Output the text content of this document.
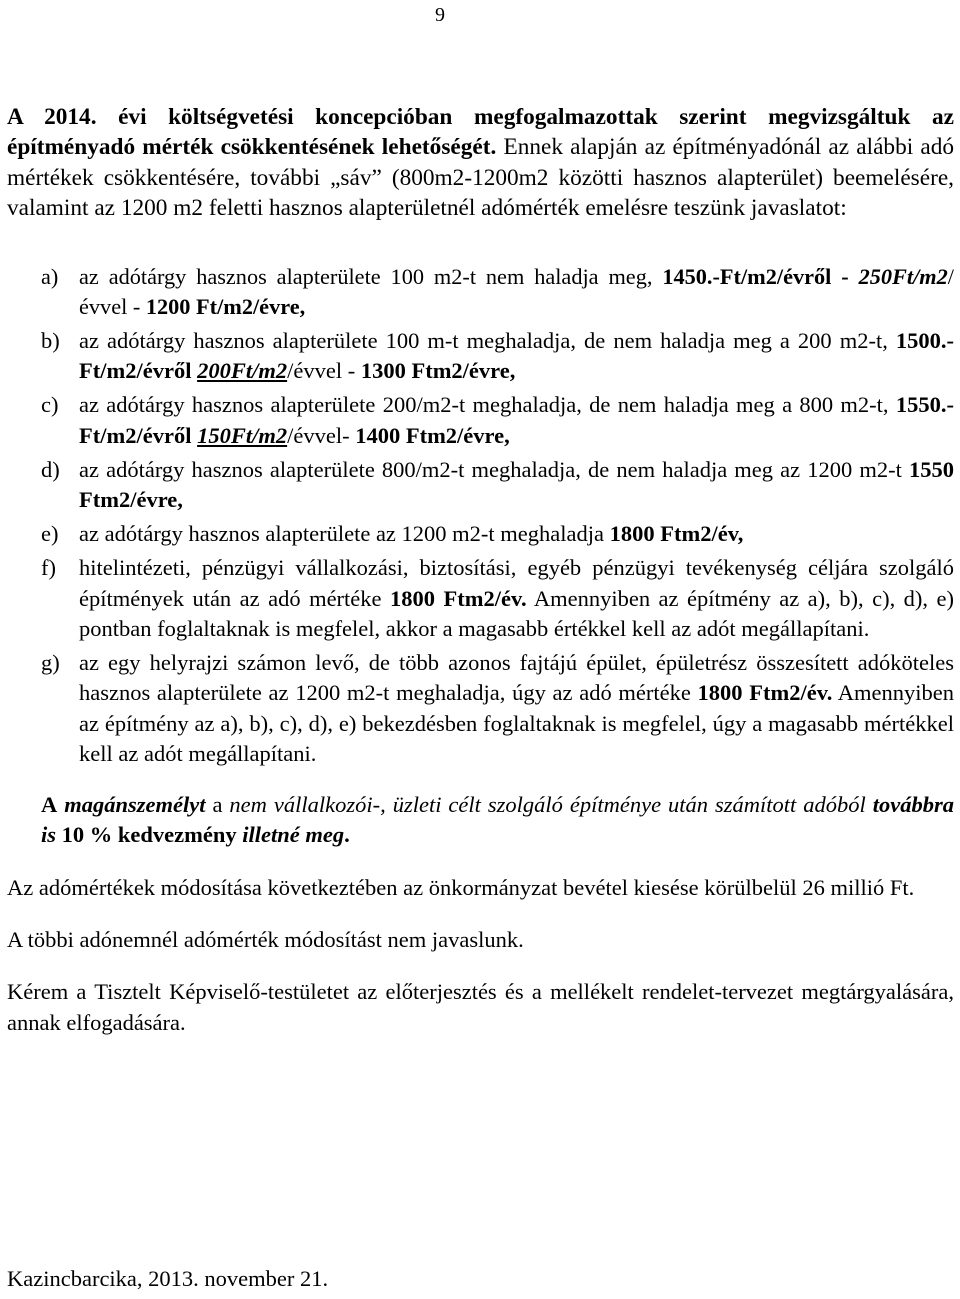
9

A 2014. évi költségvetési koncepcióban megfogalmazottak szerint megvizsgáltuk az építményadó mérték csökkentésének lehetőségét. Ennek alapján az építményadónál az alábbi adó mértékek csökkentésére, további „sáv” (800m2-1200m2 közötti hasznos alapterület) beemelésére, valamint az 1200 m2 feletti hasznos alapterületnél adómérték emelésre teszünk javaslatot:

a) az adótárgy hasznos alapterülete 100 m2-t nem haladja meg, 1450.-Ft/m2/évről - 250Ft/m2/évvel - 1200 Ft/m2/évre,

b) az adótárgy hasznos alapterülete 100 m-t meghaladja, de nem haladja meg a 200 m2-t, 1500.-Ft/m2/évről 200Ft/m2/évvel - 1300 Ftm2/évre,

c) az adótárgy hasznos alapterülete 200/m2-t meghaladja, de nem haladja meg a 800 m2-t, 1550.-Ft/m2/évről 150Ft/m2/évvel- 1400 Ftm2/évre,

d) az adótárgy hasznos alapterülete 800/m2-t meghaladja, de nem haladja meg az 1200 m2-t 1550 Ftm2/évre,

e) az adótárgy hasznos alapterülete az 1200 m2-t meghaladja 1800 Ftm2/év,

f) hitelintézeti, pénzügyi vállalkozási, biztosítási, egyéb pénzügyi tevékenység céljára szolgáló építmények után az adó mértéke 1800 Ftm2/év. Amennyiben az építmény az a), b), c), d), e) pontban foglaltaknak is megfelel, akkor a magasabb értékkel kell az adót megállapítani.

g) az egy helyrajzi számon levő, de több azonos fajtájú épület, épületrész összesített adóköteles hasznos alapterülete az 1200 m2-t meghaladja, úgy az adó mértéke 1800 Ftm2/év. Amennyiben az építmény az a), b), c), d), e) bekezdésben foglaltaknak is megfelel, úgy a magasabb mértékkel kell az adót megállapítani.

A magánszemélyt a nem vállalkozói-, üzleti célt szolgáló építménye után számított adóból továbbra is 10 % kedvezmény illetné meg.

Az adómértékek módosítása következtében az önkormányzat bevétel kiesése körülbelül 26 millió Ft.

A többi adónemnél adómérték módosítást nem javaslunk.

Kérem a Tisztelt Képviselő-testületet az előterjesztés és a mellékelt rendelet-tervezet megtárgyalására, annak elfogadására.

Kazincbarcika, 2013. november 21.
